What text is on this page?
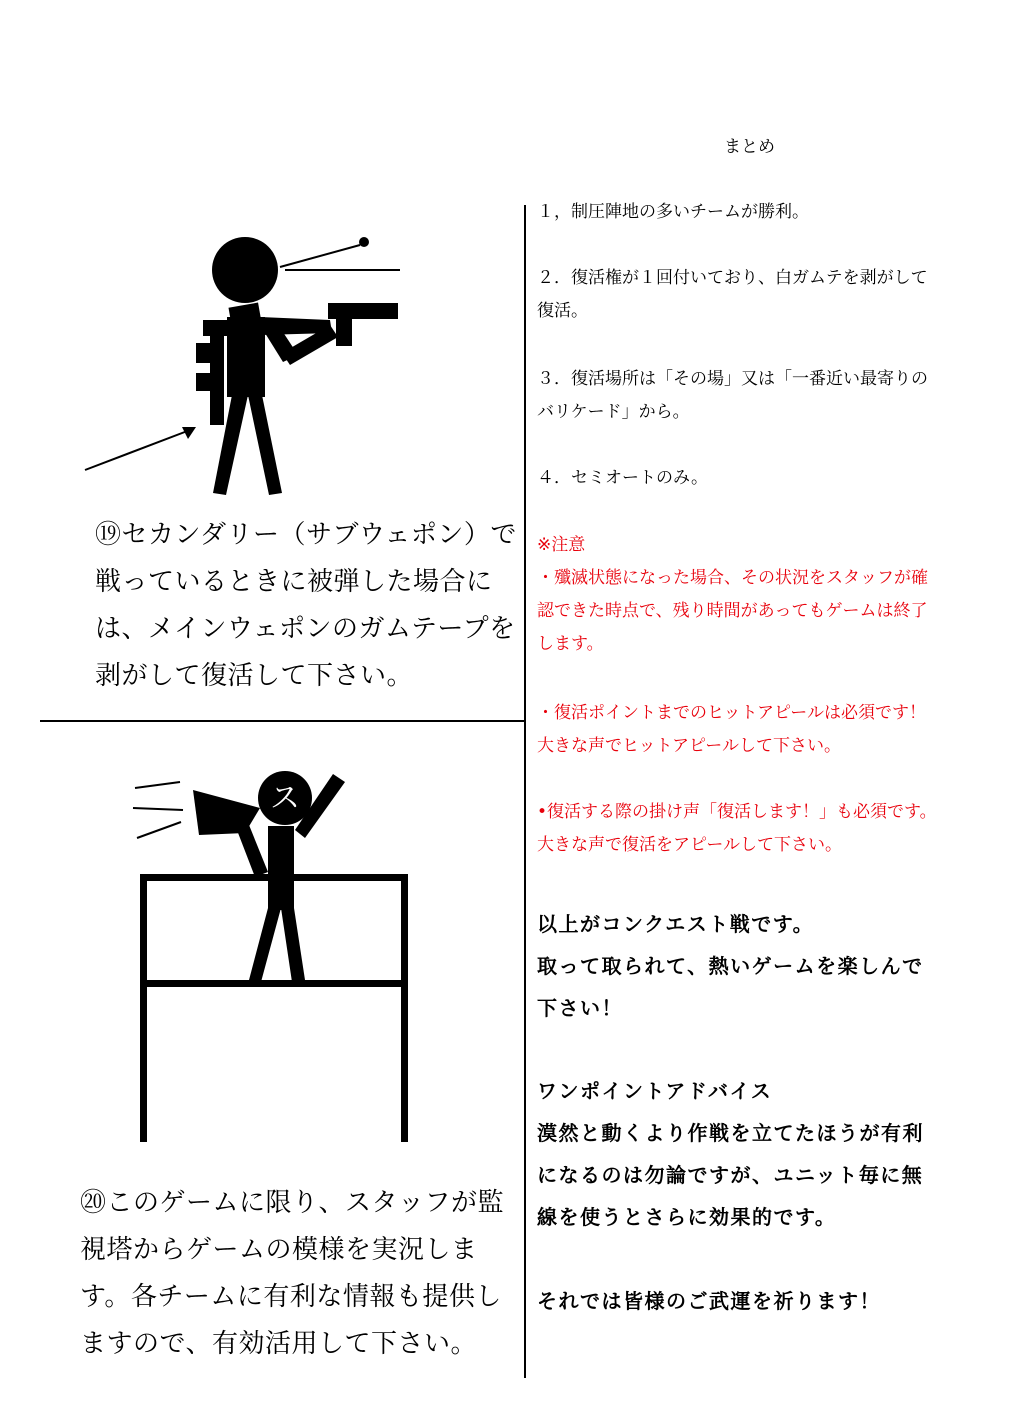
⑲セカンダリー（サブウェポン）で
戦っているときに被弾した場合に
は、メインウェポンのガムテープを
剥がして復活して下さい。
ス
⑳このゲームに限り、スタッフが監
視塔からゲームの模様を実況しま
す。各チームに有利な情報も提供し
ますので、有効活用して下さい。
まとめ
１，制圧陣地の多いチームが勝利。
２．復活権が１回付いており、白ガムテを剥がして
復活。
３．復活場所は「その場」又は「一番近い最寄りの
バリケード」から。
４．セミオートのみ。
※注意
・殲滅状態になった場合、その状況をスタッフが確
認できた時点で、残り時間があってもゲームは終了
します。
・復活ポイントまでのヒットアピールは必須です！
大きな声でヒットアピールして下さい。
•復活する際の掛け声「復活します！」も必須です。
大きな声で復活をアピールして下さい。
以上がコンクエスト戦です。
取って取られて、熱いゲームを楽しんで
下さい！
ワンポイントアドバイス
漠然と動くより作戦を立てたほうが有利
になるのは勿論ですが、ユニット毎に無
線を使うとさらに効果的です。
それでは皆様のご武運を祈ります！
